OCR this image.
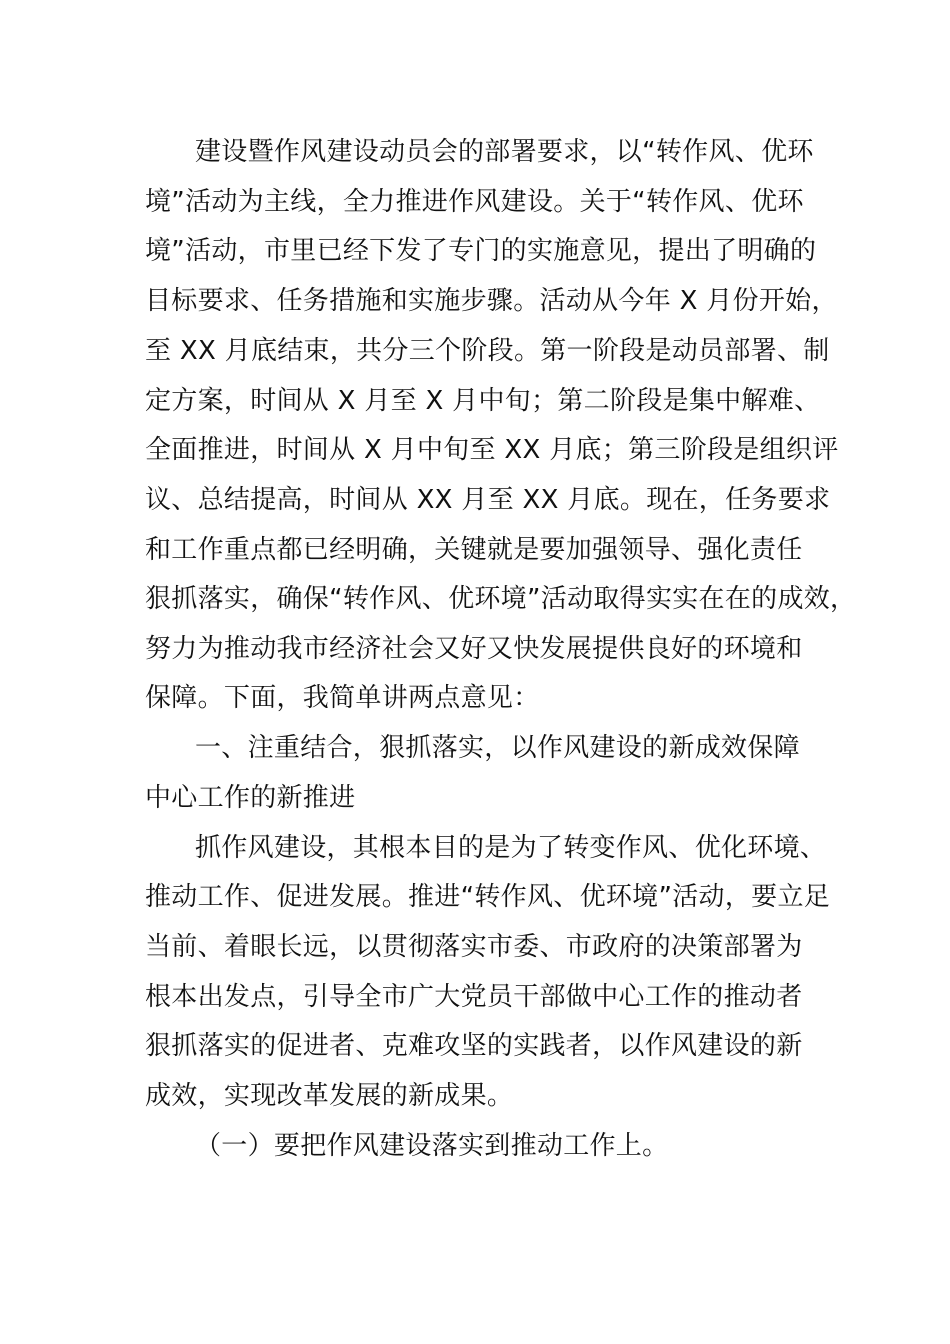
建设暨作风建设动员会的部署要求，以“转作风、优环
境”活动为主线，全力推进作风建设。关于“转作风、优环
境”活动，市里已经下发了专门的实施意见，提出了明确的
目标要求、任务措施和实施步骤。活动从今年 X 月份开始，
至 XX 月底结束，共分三个阶段。第一阶段是动员部署、制
定方案，时间从 X 月至 X 月中旬；第二阶段是集中解难、
全面推进，时间从 X 月中旬至 XX 月底；第三阶段是组织评
议、总结提高，时间从 XX 月至 XX 月底。现在，任务要求
和工作重点都已经明确，关键就是要加强领导、强化责任
狠抓落实，确保“转作风、优环境”活动取得实实在在的成效，
努力为推动我市经济社会又好又快发展提供良好的环境和
保障。下面，我简单讲两点意见：
一、注重结合，狠抓落实，以作风建设的新成效保障
中心工作的新推进
抓作风建设，其根本目的是为了转变作风、优化环境、
推动工作、促进发展。推进“转作风、优环境”活动，要立足
当前、着眼长远，以贯彻落实市委、市政府的决策部署为
根本出发点，引导全市广大党员干部做中心工作的推动者
狠抓落实的促进者、克难攻坚的实践者，以作风建设的新
成效，实现改革发展的新成果。
（一）要把作风建设落实到推动工作上。
